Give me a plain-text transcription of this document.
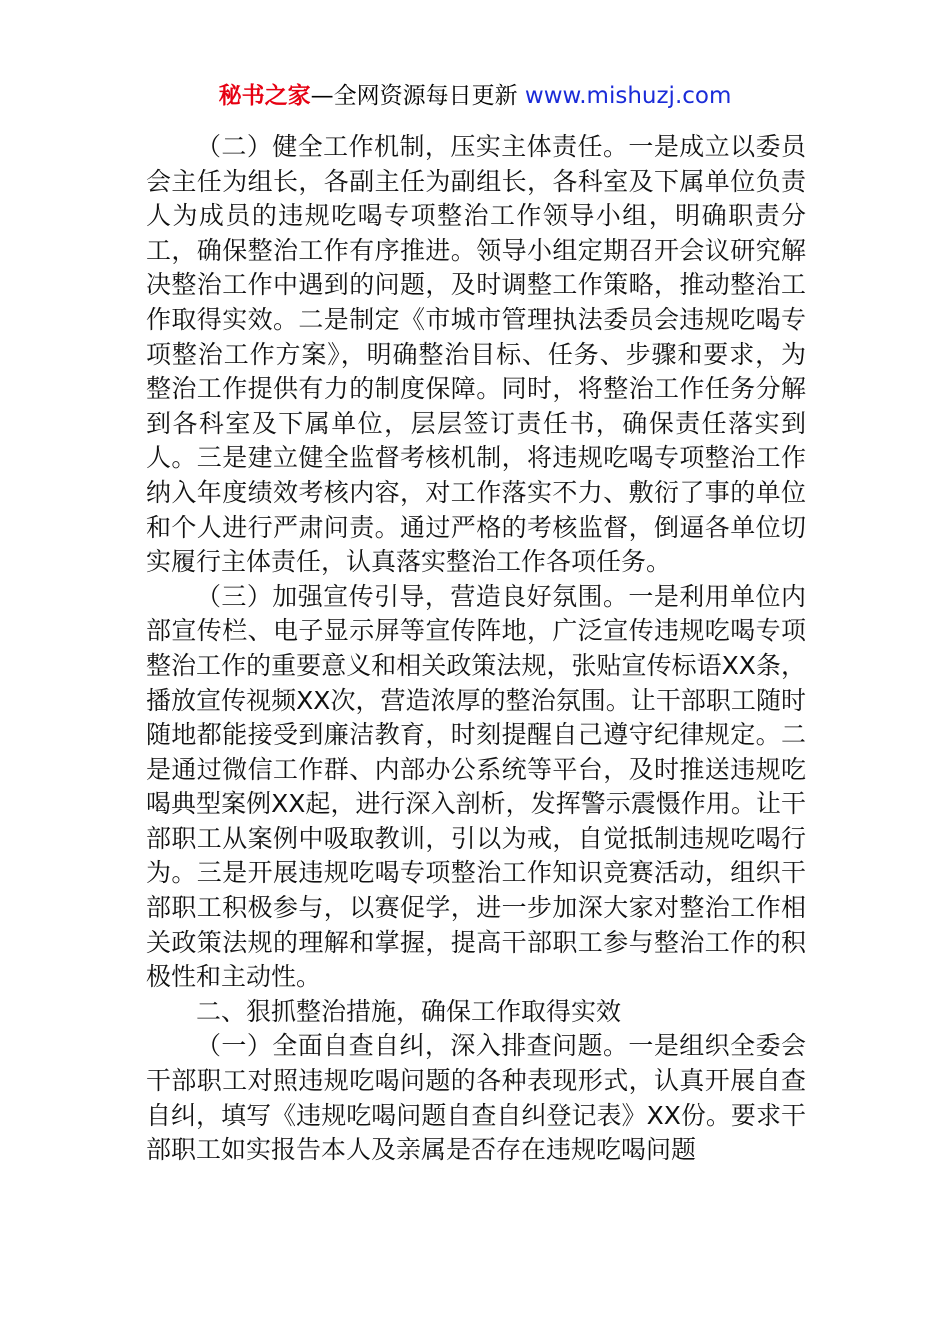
秘书之家—全网资源每日更新 www.mishuzj.com

（二）健全工作机制，压实主体责任。一是成立以委员会主任为组长，各副主任为副组长，各科室及下属单位负责人为成员的违规吃喝专项整治工作领导小组，明确职责分工，确保整治工作有序推进。领导小组定期召开会议研究解决整治工作中遇到的问题，及时调整工作策略，推动整治工作取得实效。二是制定《市城市管理执法委员会违规吃喝专项整治工作方案》，明确整治目标、任务、步骤和要求，为整治工作提供有力的制度保障。同时，将整治工作任务分解到各科室及下属单位，层层签订责任书，确保责任落实到人。三是建立健全监督考核机制，将违规吃喝专项整治工作纳入年度绩效考核内容，对工作落实不力、敷衍了事的单位和个人进行严肃问责。通过严格的考核监督，倒逼各单位切实履行主体责任，认真落实整治工作各项任务。

（三）加强宣传引导，营造良好氛围。一是利用单位内部宣传栏、电子显示屏等宣传阵地，广泛宣传违规吃喝专项整治工作的重要意义和相关政策法规，张贴宣传标语XX条，播放宣传视频XX次，营造浓厚的整治氛围。让干部职工随时随地都能接受到廉洁教育，时刻提醒自己遵守纪律规定。二是通过微信工作群、内部办公系统等平台，及时推送违规吃喝典型案例XX起，进行深入剖析，发挥警示震慑作用。让干部职工从案例中吸取教训，引以为戒，自觉抵制违规吃喝行为。三是开展违规吃喝专项整治工作知识竞赛活动，组织干部职工积极参与，以赛促学，进一步加深大家对整治工作相关政策法规的理解和掌握，提高干部职工参与整治工作的积极性和主动性。

二、狠抓整治措施，确保工作取得实效

（一）全面自查自纠，深入排查问题。一是组织全委会干部职工对照违规吃喝问题的各种表现形式，认真开展自查自纠，填写《违规吃喝问题自查自纠登记表》XX份。要求干部职工如实报告本人及亲属是否存在违规吃喝问题
